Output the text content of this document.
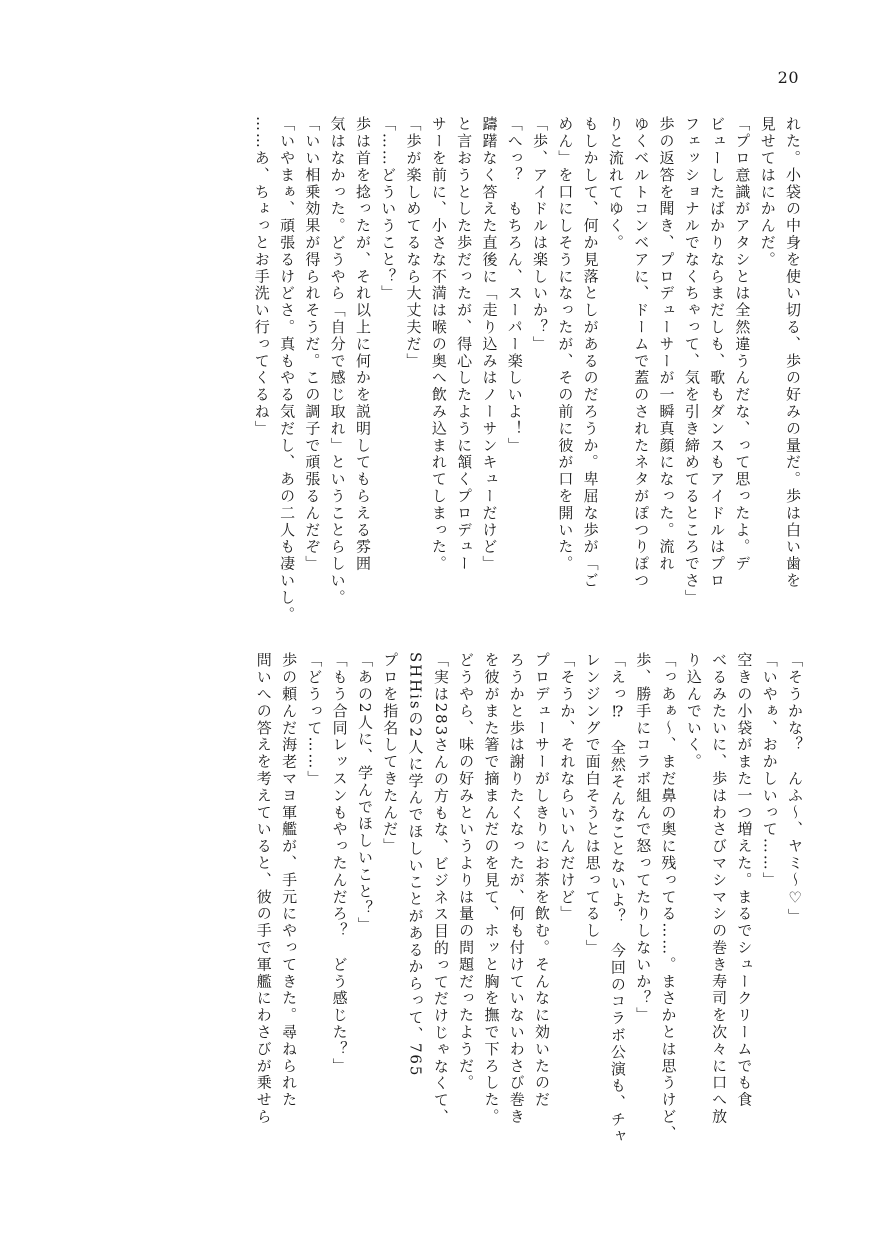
20
れた。小袋の中身を使い切る、歩の好みの量だ。歩は白い歯を
見せてはにかんだ。
「プロ意識がアタシとは全然違うんだな、って思ったよ。デ
ビューしたばかりならまだしも、歌もダンスもアイドルはプロ
フェッショナルでなくちゃって、気を引き締めてるところでさ」
歩の返答を聞き、プロデューサーが一瞬真顔になった。流れ
ゆくベルトコンベアに、ドームで蓋のされたネタがぽつりぽつ
りと流れてゆく。
もしかして、何か見落としがあるのだろうか。卑屈な歩が「ご
めん」を口にしそうになったが、その前に彼が口を開いた。
「歩、アイドルは楽しいか？」
「へっ？　もちろん、スーパー楽しいよ！」
躊躇なく答えた直後に「走り込みはノーサンキューだけど」
と言おうとした歩だったが、得心したように頷くプロデュー
サーを前に、小さな不満は喉の奥へ飲み込まれてしまった。
「歩が楽しめてるなら大丈夫だ」
「……どういうこと？」
歩は首を捻ったが、それ以上に何かを説明してもらえる雰囲
気はなかった。どうやら「自分で感じ取れ」ということらしい。
「いい相乗効果が得られそうだ。この調子で頑張るんだぞ」
「いやまぁ、頑張るけどさ。真もやる気だし、あの二人も凄いし。
……あ、ちょっとお手洗い行ってくるね」
「そうかな？　んふ〜、ヤミ〜♡」
「いやぁ、おかしいって……」
空きの小袋がまた一つ増えた。まるでシュークリームでも食
べるみたいに、歩はわさびマシマシの巻き寿司を次々に口へ放
り込んでいく。
「っあぁ〜、まだ鼻の奥に残ってる……。まさかとは思うけど、
歩、勝手にコラボ組んで怒ってたりしないか？」
「えっ⁉　全然そんなことないよ？　今回のコラボ公演も、チャ
レンジングで面白そうとは思ってるし」
「そうか、それならいいんだけど」
プロデューサーがしきりにお茶を飲む。そんなに効いたのだ
ろうかと歩は謝りたくなったが、何も付けていないわさび巻き
を彼がまた箸で摘まんだのを見て、ホッと胸を撫で下ろした。
どうやら、味の好みというよりは量の問題だったようだ。
「実は283さんの方もな、ビジネス目的ってだけじゃなくて、
SHHisの2人に学んでほしいことがあるからって、765
プロを指名してきたんだ」
「あの2人に、学んでほしいこと？」
「もう合同レッスンもやったんだろ？　どう感じた？」
「どうって……」
歩の頼んだ海老マヨ軍艦が、手元にやってきた。尋ねられた
問いへの答えを考えていると、彼の手で軍艦にわさびが乗せら
